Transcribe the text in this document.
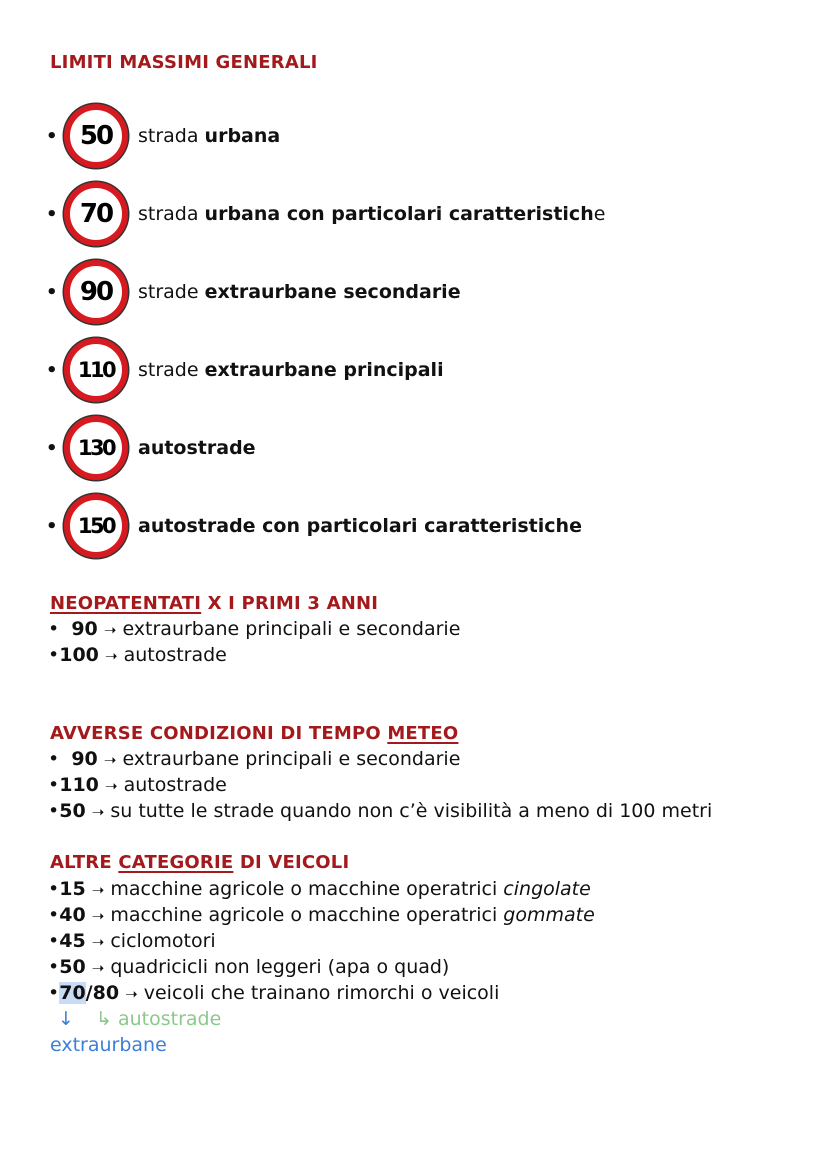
LIMITI MASSIMI GENERALI
• 50 strada urbana
• 70 strada urbana con particolari caratteristiche
• 90 strade extraurbane secondarie
• 110 strade extraurbane principali
• 130 autostrade
• 150 autostrade con particolari caratteristiche
NEOPATENTATI X I PRIMI 3 ANNI
• 90 ➝ extraurbane principali e secondarie
•100 ➝ autostrade
AVVERSE CONDIZIONI DI TEMPO METEO
• 90 ➝ extraurbane principali e secondarie
•110 ➝ autostrade
•50 ➝ su tutte le strade quando non c’è visibilità a meno di 100 metri
ALTRE CATEGORIE DI VEICOLI
•15 ➝ macchine agricole o macchine operatrici cingolate
•40 ➝ macchine agricole o macchine operatrici gommate
•45 ➝ ciclomotori
•50 ➝ quadricicli non leggeri (apa o quad)
•70/80 ➝ veicoli che trainano rimorchi o veicoli
↓ ↳ autostrade
extraurbane
